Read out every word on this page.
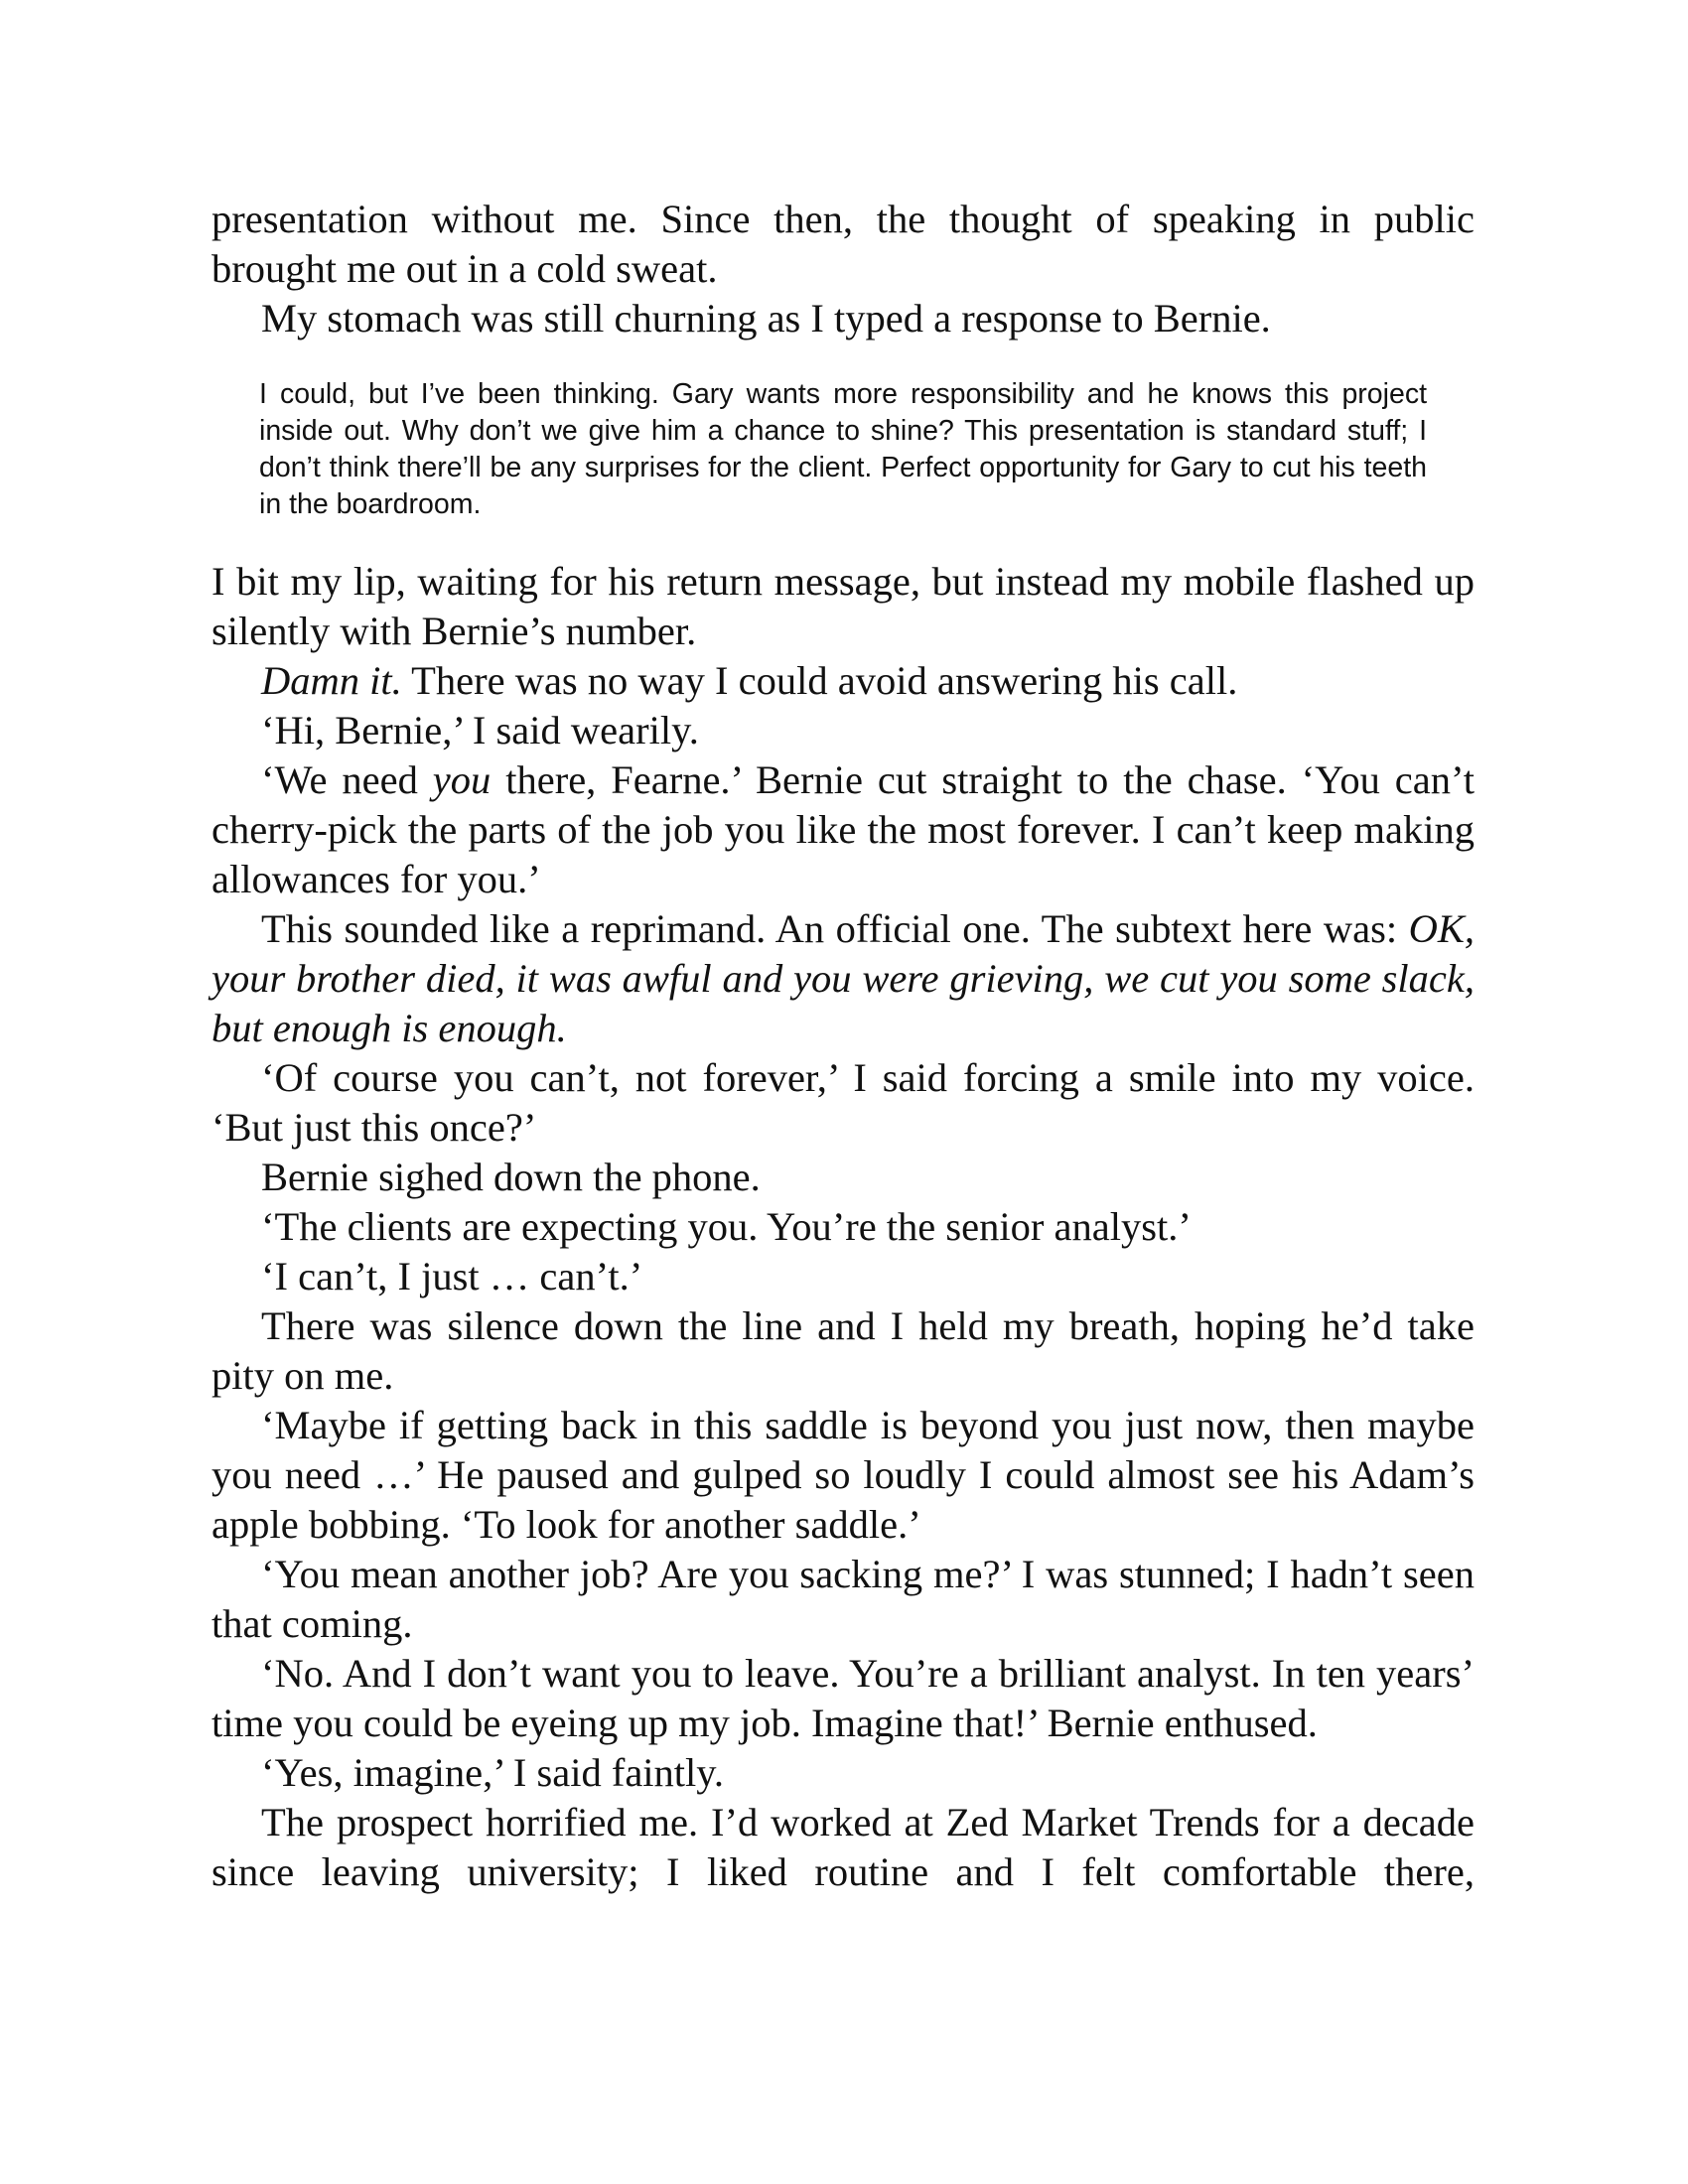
presentation without me. Since then, the thought of speaking in public brought me out in a cold sweat.

My stomach was still churning as I typed a response to Bernie.

I could, but I’ve been thinking. Gary wants more responsibility and he knows this project inside out. Why don’t we give him a chance to shine? This presentation is standard stuff; I don’t think there’ll be any surprises for the client. Perfect opportunity for Gary to cut his teeth in the boardroom.

I bit my lip, waiting for his return message, but instead my mobile flashed up silently with Bernie’s number.

Damn it. There was no way I could avoid answering his call.

‘Hi, Bernie,’ I said wearily.

‘We need you there, Fearne.’ Bernie cut straight to the chase. ‘You can’t cherry-pick the parts of the job you like the most forever. I can’t keep making allowances for you.’

This sounded like a reprimand. An official one. The subtext here was: OK, your brother died, it was awful and you were grieving, we cut you some slack, but enough is enough.

‘Of course you can’t, not forever,’ I said forcing a smile into my voice. ‘But just this once?’

Bernie sighed down the phone.

‘The clients are expecting you. You’re the senior analyst.’

‘I can’t, I just … can’t.’

There was silence down the line and I held my breath, hoping he’d take pity on me.

‘Maybe if getting back in this saddle is beyond you just now, then maybe you need …’ He paused and gulped so loudly I could almost see his Adam’s apple bobbing. ‘To look for another saddle.’

‘You mean another job? Are you sacking me?’ I was stunned; I hadn’t seen that coming.

‘No. And I don’t want you to leave. You’re a brilliant analyst. In ten years’ time you could be eyeing up my job. Imagine that!’ Bernie enthused.

‘Yes, imagine,’ I said faintly.

The prospect horrified me. I’d worked at Zed Market Trends for a decade since leaving university; I liked routine and I felt comfortable there,
